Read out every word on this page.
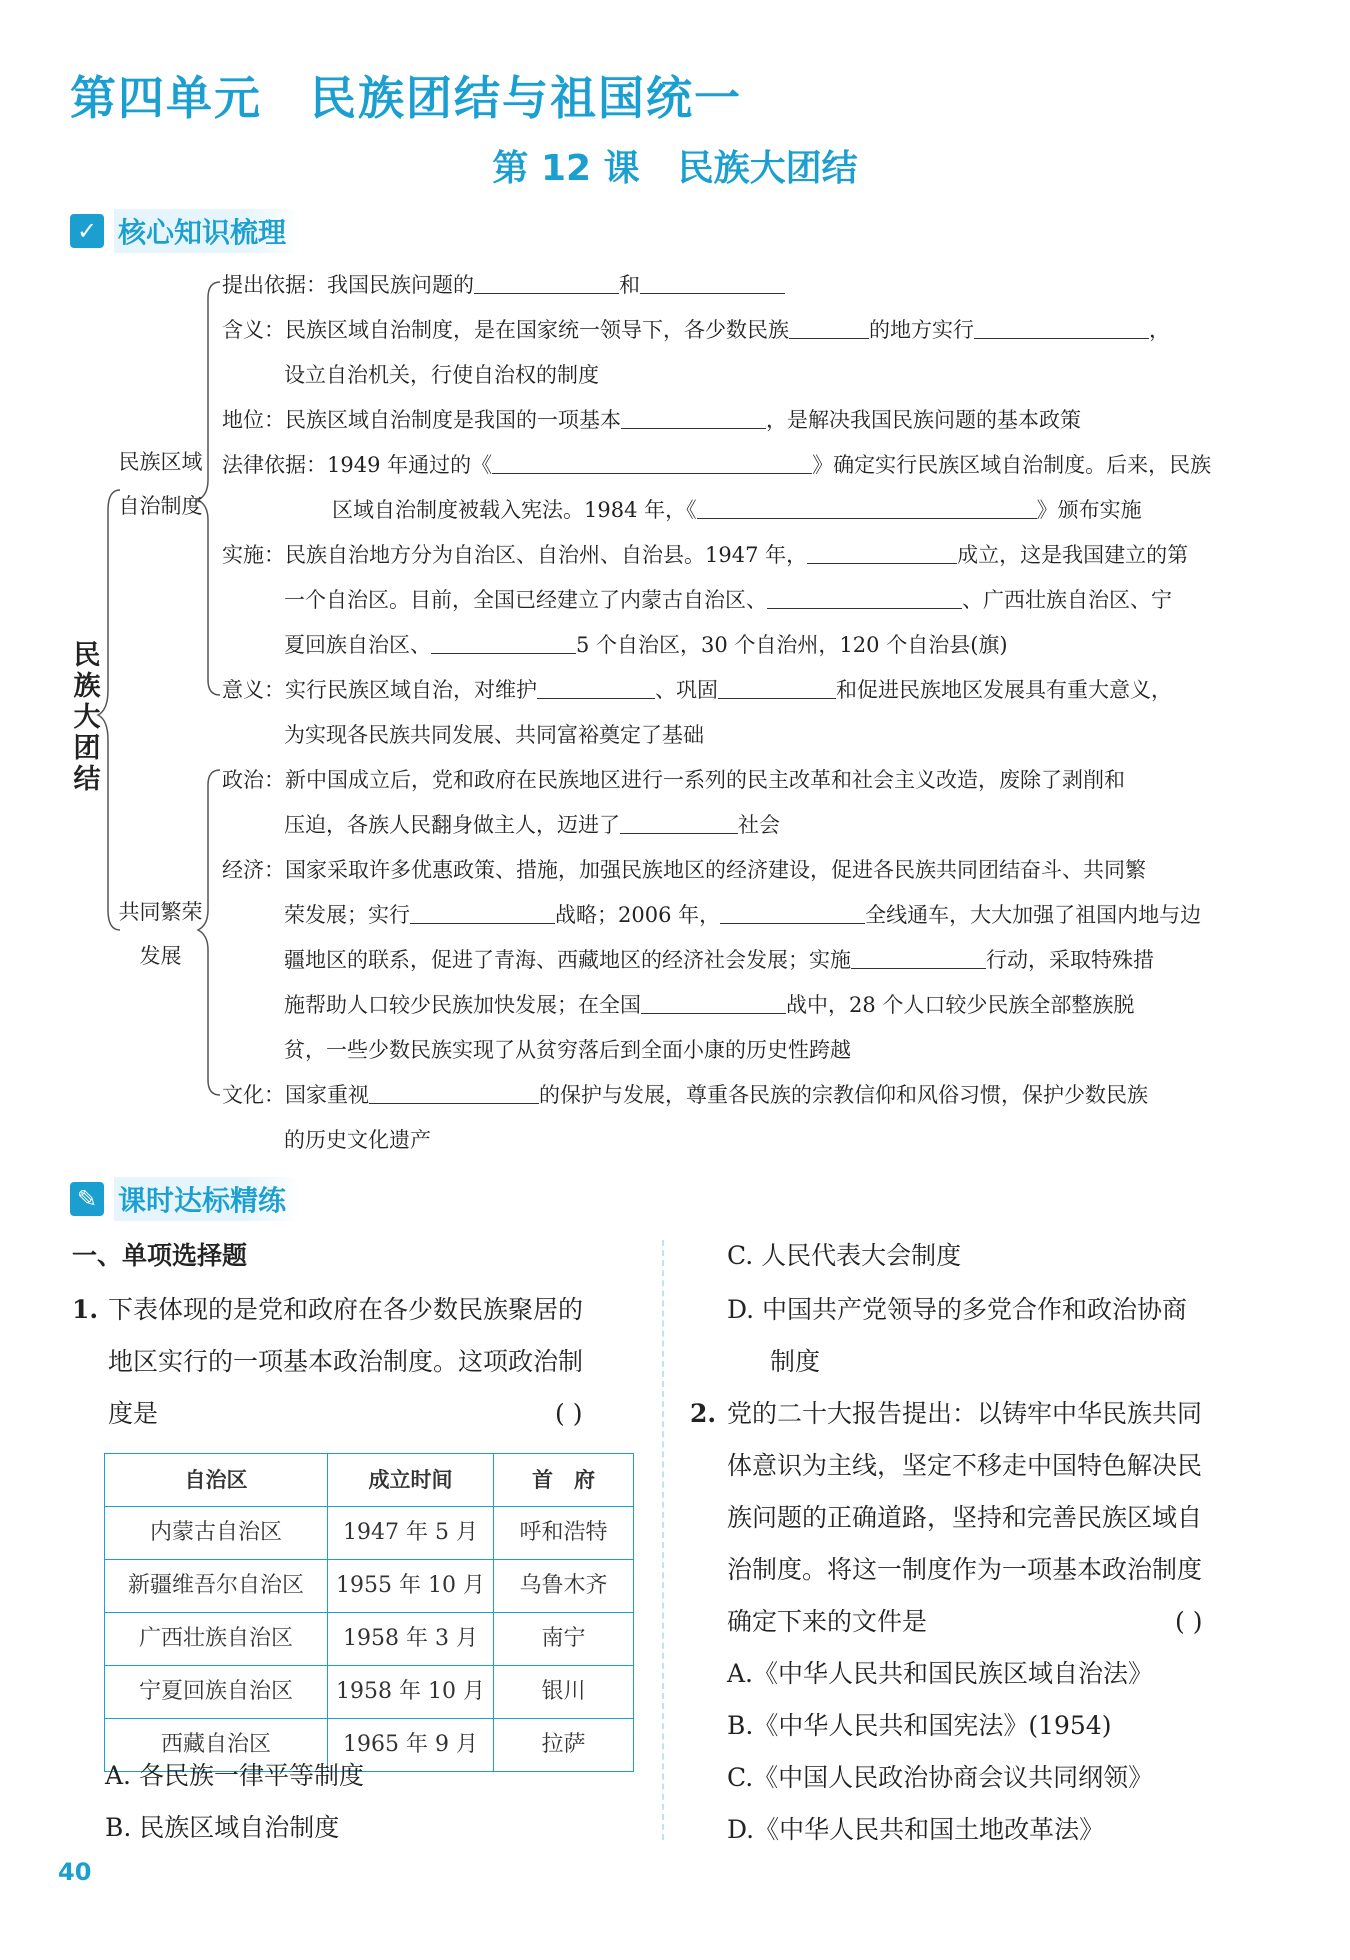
第四单元 民族团结与祖国统一
第 12 课 民族大团结
✓ 核心知识梳理
民族大团结
民族区域
自治制度
共同繁荣
发展
提出依据：我国民族问题的	和
含义：民族区域自治制度，是在国家统一领导下，各少数民族	的地方实行	，
设立自治机关，行使自治权的制度
地位：民族区域自治制度是我国的一项基本	，是解决我国民族问题的基本政策
法律依据：1949 年通过的《	》确定实行民族区域自治制度。后来，民族
区域自治制度被载入宪法。1984 年，《	》颁布实施
实施：民族自治地方分为自治区、自治州、自治县。1947 年，	成立，这是我国建立的第
一个自治区。目前，全国已经建立了内蒙古自治区、	、广西壮族自治区、宁
夏回族自治区、	5 个自治区，30 个自治州，120 个自治县(旗)
意义：实行民族区域自治，对维护	、巩固	和促进民族地区发展具有重大意义，
为实现各民族共同发展、共同富裕奠定了基础
政治：新中国成立后，党和政府在民族地区进行一系列的民主改革和社会主义改造，废除了剥削和
压迫，各族人民翻身做主人，迈进了	社会
经济：国家采取许多优惠政策、措施，加强民族地区的经济建设，促进各民族共同团结奋斗、共同繁
荣发展；实行	战略；2006 年，	全线通车，大大加强了祖国内地与边
疆地区的联系，促进了青海、西藏地区的经济社会发展；实施	行动，采取特殊措
施帮助人口较少民族加快发展；在全国	战中，28 个人口较少民族全部整族脱
贫，一些少数民族实现了从贫穷落后到全面小康的历史性跨越
文化：国家重视	的保护与发展，尊重各民族的宗教信仰和风俗习惯，保护少数民族
的历史文化遗产
✎ 课时达标精练
一、单项选择题
1. 下表体现的是党和政府在各少数民族聚居的
地区实行的一项基本政治制度。这项政治制
度是	( )
自治区	成立时间	首　府
内蒙古自治区	1947 年 5 月	呼和浩特
新疆维吾尔自治区	1955 年 10 月	乌鲁木齐
广西壮族自治区	1958 年 3 月	南宁
宁夏回族自治区	1958 年 10 月	银川
西藏自治区	1965 年 9 月	拉萨
A. 各民族一律平等制度
B. 民族区域自治制度
C. 人民代表大会制度
D. 中国共产党领导的多党合作和政治协商
制度
2. 党的二十大报告提出：以铸牢中华民族共同
体意识为主线，坚定不移走中国特色解决民
族问题的正确道路，坚持和完善民族区域自
治制度。将这一制度作为一项基本政治制度
确定下来的文件是	( )
A.《中华人民共和国民族区域自治法》
B.《中华人民共和国宪法》(1954)
C.《中国人民政治协商会议共同纲领》
D.《中华人民共和国土地改革法》
40
